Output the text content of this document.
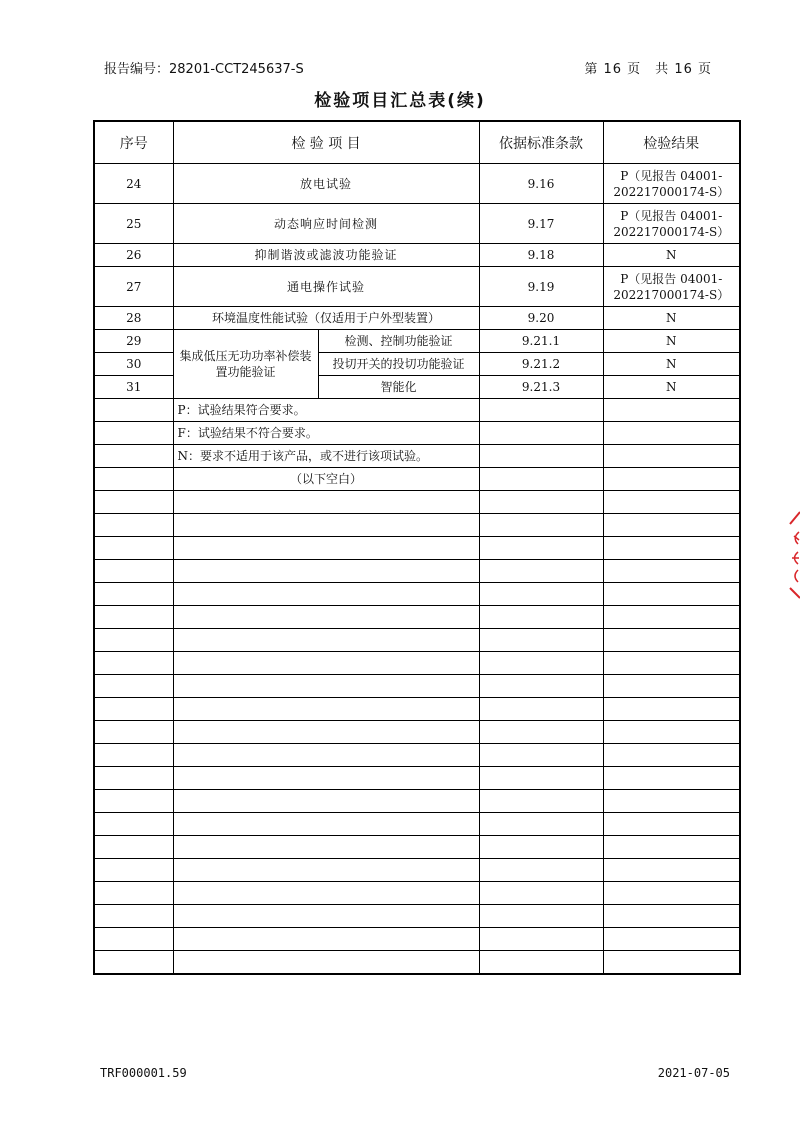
报告编号：28201-CCT245637-S	第 16 页　共 16 页
检验项目汇总表(续)
序号	检 验 项 目		依据标准条款	检验结果
24	放电试验		9.16	P（见报告 04001-202217000174-S）
25	动态响应时间检测		9.17	P（见报告 04001-202217000174-S）
26	抑制谐波或滤波功能验证		9.18	N
27	通电操作试验		9.19	P（见报告 04001-202217000174-S）
28	环境温度性能试验（仅适用于户外型装置）		9.20	N
29	集成低压无功功率补偿装置功能验证	检测、控制功能验证	9.21.1	N
30		投切开关的投切功能验证	9.21.2	N
31		智能化	9.21.3	N
	P：试验结果符合要求。			
	F：试验结果不符合要求。			
	N：要求不适用于该产品，或不进行该项试验。			
	（以下空白）			

TRF000001.59	2021-07-05
